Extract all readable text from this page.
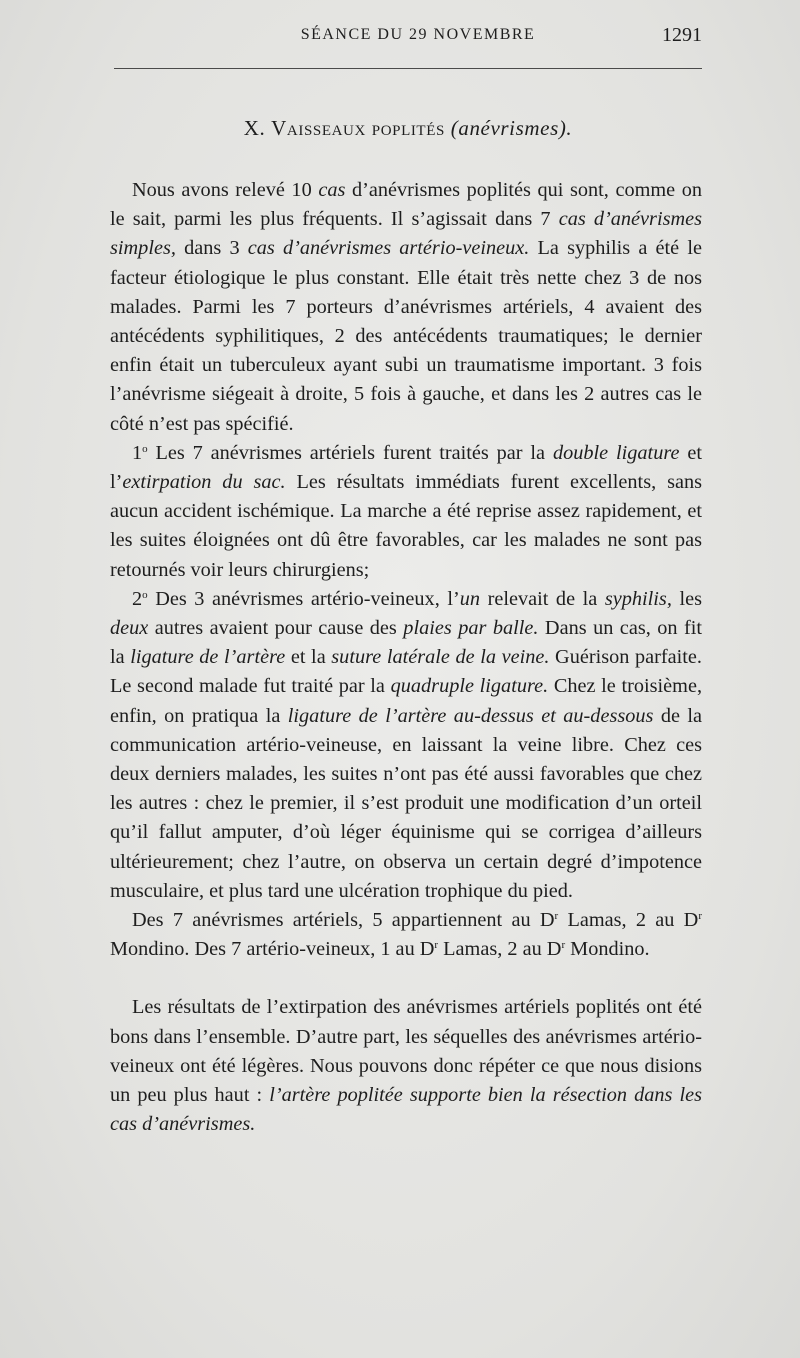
SÉANCE DU 29 NOVEMBRE	1291
X. Vaisseaux poplités (anévrismes).

Nous avons relevé 10 cas d’anévrismes poplités qui sont, comme on le sait, parmi les plus fréquents. Il s’agissait dans 7 cas d’anévrismes simples, dans 3 cas d’anévrismes artério-veineux. La syphilis a été le facteur étiologique le plus constant. Elle était très nette chez 3 de nos malades. Parmi les 7 porteurs d’anévrismes artériels, 4 avaient des antécédents syphilitiques, 2 des antécédents traumatiques; le dernier enfin était un tuberculeux ayant subi un traumatisme important. 3 fois l’anévrisme siégeait à droite, 5 fois à gauche, et dans les 2 autres cas le côté n’est pas spécifié.

1$^o$ Les 7 anévrismes artériels furent traités par la double ligature et l’extirpation du sac. Les résultats immédiats furent excellents, sans aucun accident ischémique. La marche a été reprise assez rapidement, et les suites éloignées ont dû être favorables, car les malades ne sont pas retournés voir leurs chirurgiens;

2$^o$ Des 3 anévrismes artério-veineux, l’un relevait de la syphilis, les deux autres avaient pour cause des plaies par balle. Dans un cas, on fit la ligature de l’artère et la suture latérale de la veine. Guérison parfaite. Le second malade fut traité par la quadruple ligature. Chez le troisième, enfin, on pratiqua la ligature de l’artère au-dessus et au-dessous de la communication artério-veineuse, en laissant la veine libre. Chez ces deux derniers malades, les suites n’ont pas été aussi favorables que chez les autres : chez le premier, il s’est produit une modification d’un orteil qu’il fallut amputer, d’où léger équinisme qui se corrigea d’ailleurs ultérieurement; chez l’autre, on observa un certain degré d’impotence musculaire, et plus tard une ulcération trophique du pied.

Des 7 anévrismes artériels, 5 appartiennent au $D^r$ Lamas, 2 au $D^r$ Mondino. Des 7 artério-veineux, 1 au $D^r$ Lamas, 2 au $D^r$ Mondino.

Les résultats de l’extirpation des anévrismes artériels poplités ont été bons dans l’ensemble. D’autre part, les séquelles des anévrismes artério-veineux ont été légères. Nous pouvons donc répéter ce que nous disions un peu plus haut : l’artère poplitée supporte bien la résection dans les cas d’anévrismes.
